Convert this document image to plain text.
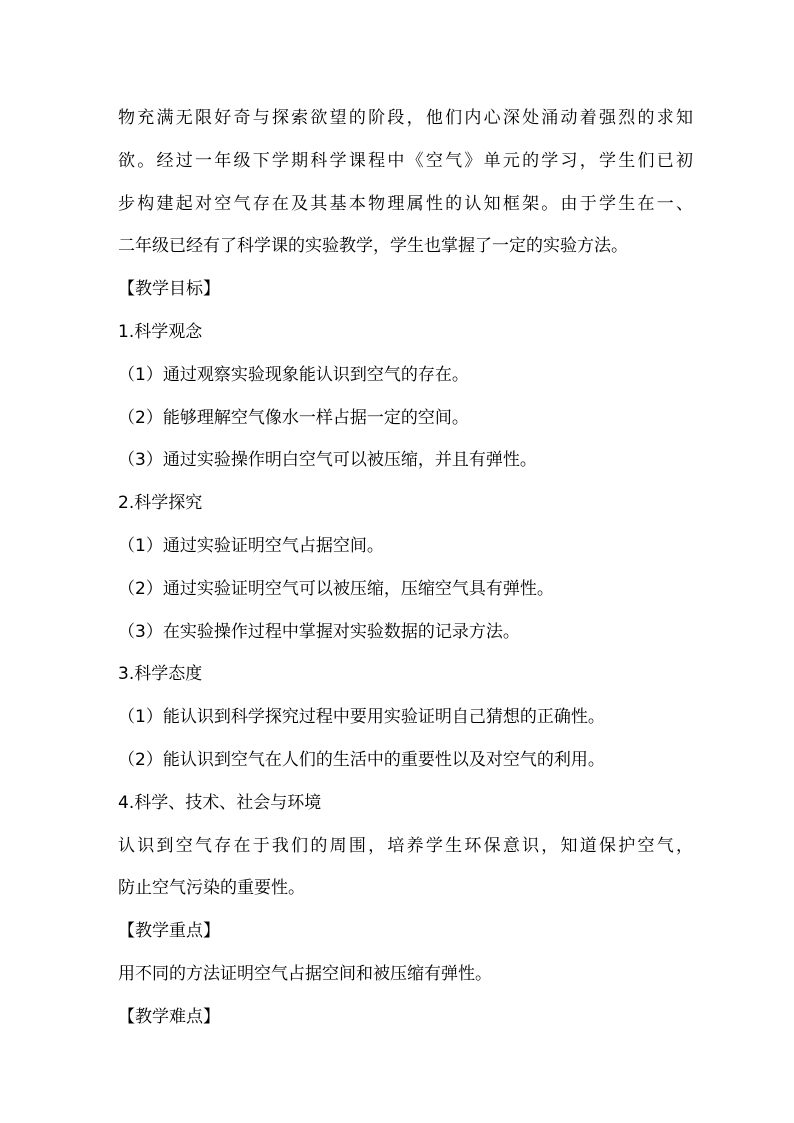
物充满无限好奇与探索欲望的阶段，他们内心深处涌动着强烈的求知
欲。经过一年级下学期科学课程中《空气》单元的学习，学生们已初
步构建起对空气存在及其基本物理属性的认知框架。由于学生在一、
二年级已经有了科学课的实验教学，学生也掌握了一定的实验方法。
【教学目标】
1.科学观念
（1）通过观察实验现象能认识到空气的存在。
（2）能够理解空气像水一样占据一定的空间。
（3）通过实验操作明白空气可以被压缩，并且有弹性。
2.科学探究
（1）通过实验证明空气占据空间。
（2）通过实验证明空气可以被压缩，压缩空气具有弹性。
（3）在实验操作过程中掌握对实验数据的记录方法。
3.科学态度
（1）能认识到科学探究过程中要用实验证明自己猜想的正确性。
（2）能认识到空气在人们的生活中的重要性以及对空气的利用。
4.科学、技术、社会与环境
认识到空气存在于我们的周围，培养学生环保意识，知道保护空气，
防止空气污染的重要性。
【教学重点】
用不同的方法证明空气占据空间和被压缩有弹性。
【教学难点】
